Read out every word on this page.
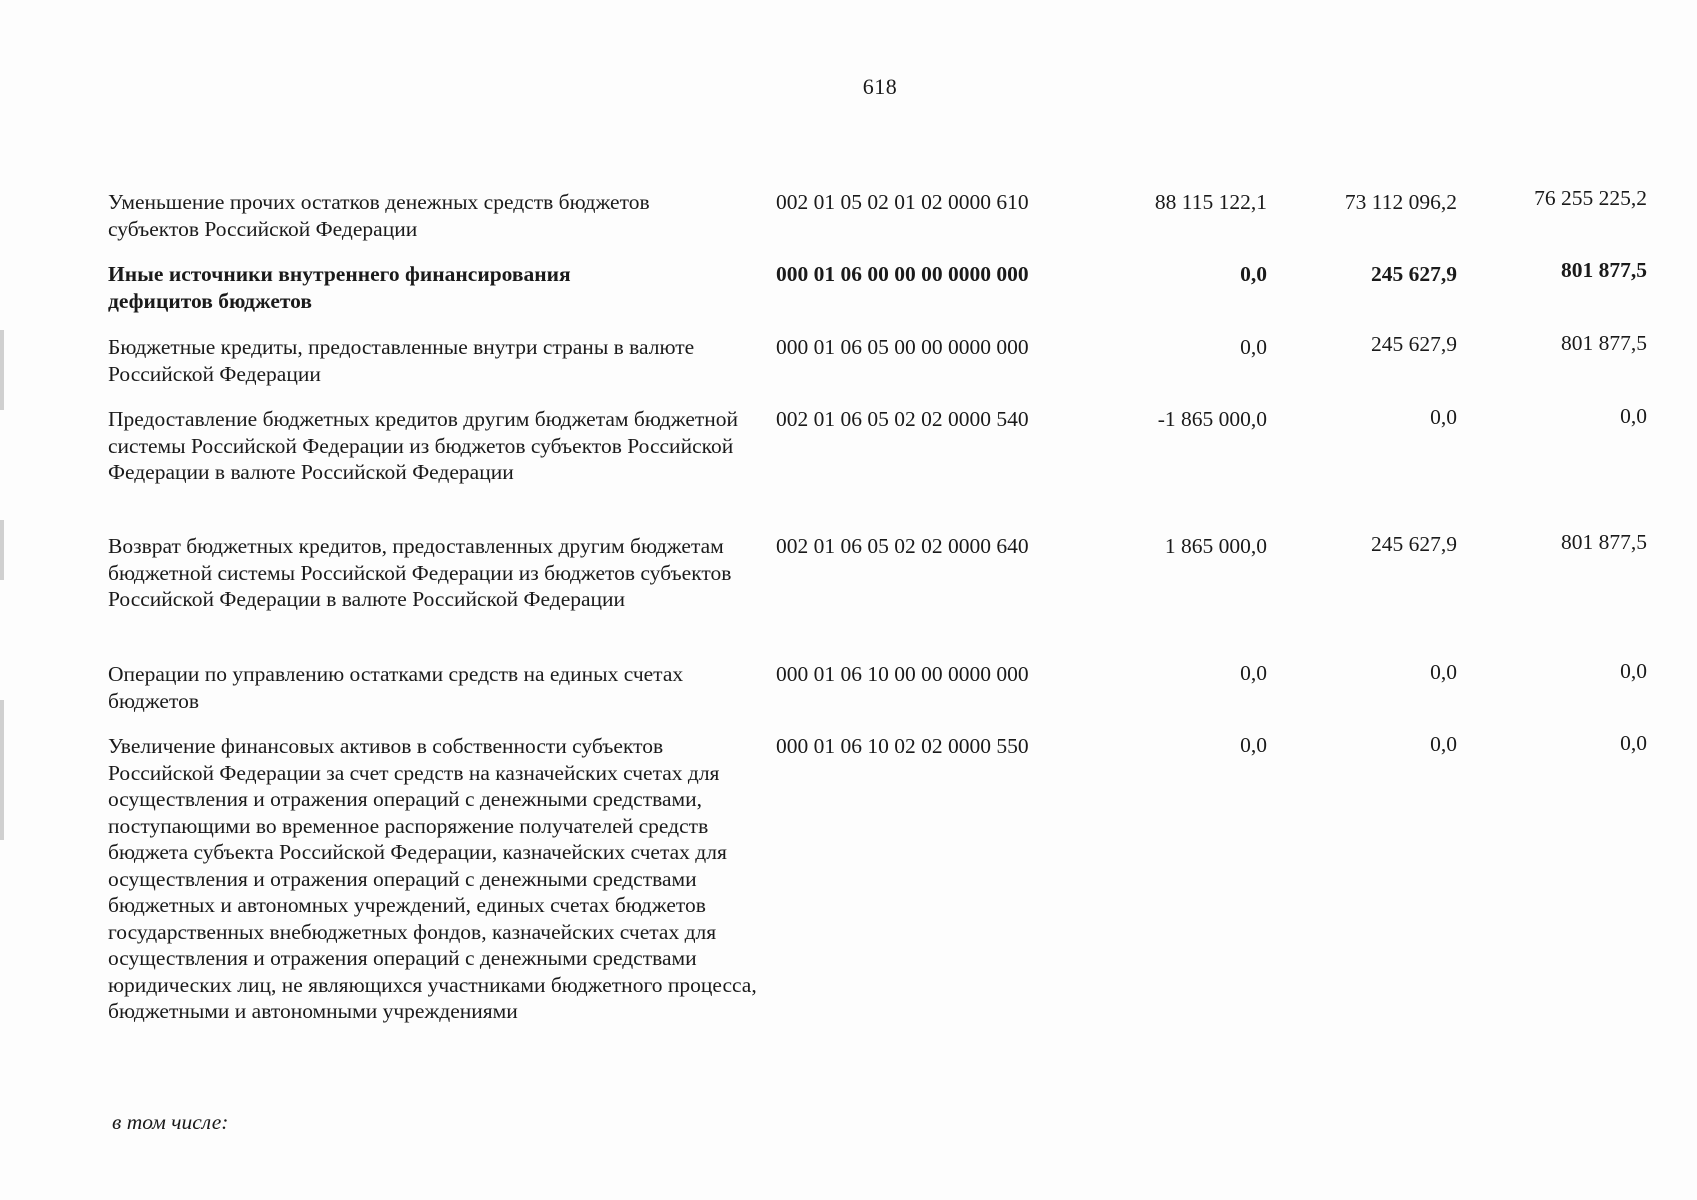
618
Уменьшение прочих остатков денежных средств бюджетов субъектов Российской Федерации
002 01 05 02 01 02 0000 610	88 115 122,1	73 112 096,2	76 255 225,2
Иные источники внутреннего финансирования дефицитов бюджетов
000 01 06 00 00 00 0000 000	0,0	245 627,9	801 877,5
Бюджетные кредиты, предоставленные внутри страны в валюте Российской Федерации
000 01 06 05 00 00 0000 000	0,0	245 627,9	801 877,5
Предоставление бюджетных кредитов другим бюджетам бюджетной системы Российской Федерации из бюджетов субъектов Российской Федерации в валюте Российской Федерации
002 01 06 05 02 02 0000 540	-1 865 000,0	0,0	0,0
Возврат бюджетных кредитов, предоставленных другим бюджетам бюджетной системы Российской Федерации из бюджетов субъектов Российской Федерации в валюте Российской Федерации
002 01 06 05 02 02 0000 640	1 865 000,0	245 627,9	801 877,5
Операции по управлению остатками средств на единых счетах бюджетов
000 01 06 10 00 00 0000 000	0,0	0,0	0,0
Увеличение финансовых активов в собственности субъектов Российской Федерации за счет средств на казначейских счетах для осуществления и отражения операций с денежными средствами, поступающими во временное распоряжение получателей средств бюджета субъекта Российской Федерации, казначейских счетах для осуществления и отражения операций с денежными средствами бюджетных и автономных учреждений, единых счетах бюджетов государственных внебюджетных фондов, казначейских счетах для осуществления и отражения операций с денежными средствами юридических лиц, не являющихся участниками бюджетного процесса, бюджетными и автономными учреждениями
000 01 06 10 02 02 0000 550	0,0	0,0	0,0
в том числе:
